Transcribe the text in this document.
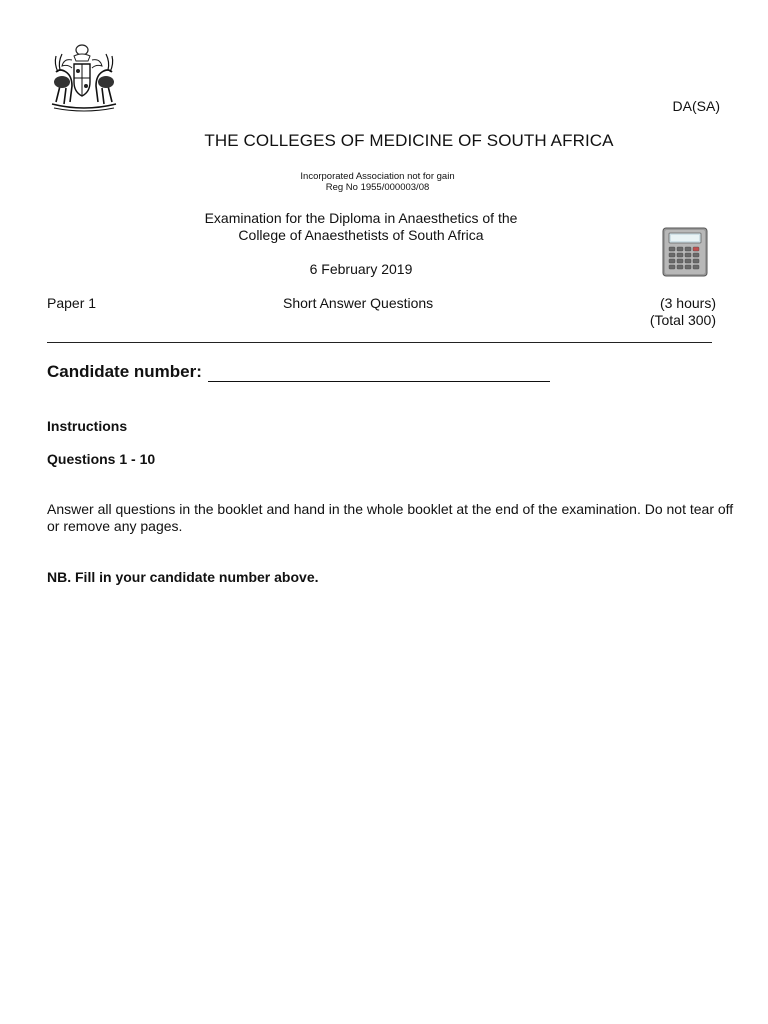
DA(SA)
THE COLLEGES OF MEDICINE OF SOUTH AFRICA
Incorporated Association not for gain
Reg No 1955/000003/08
Examination for the Diploma in Anaesthetics of the
College of Anaesthetists of South Africa
6 February 2019
Paper 1	Short Answer Questions	(3 hours)
(Total 300)
Candidate number:
Instructions
Questions 1 - 10
Answer all questions in the booklet and hand in the whole booklet at the end of the examination. Do not tear off or remove any pages.
NB. Fill in your candidate number above.
